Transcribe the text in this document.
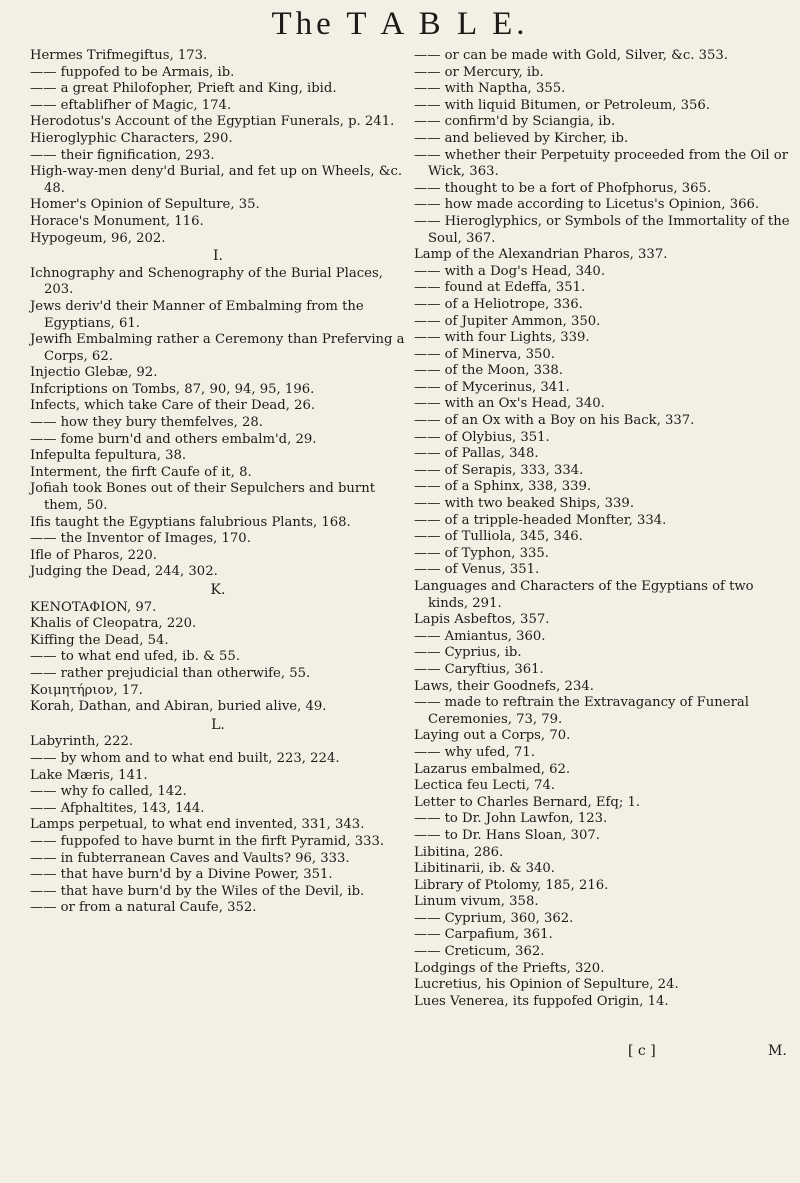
The T A B L E.
Hermes Trifmegiftus, 173.
—— fuppofed to be Armais, ib.
—— a great Philofopher, Prieft and King, ibid.
—— eftablifher of Magic, 174.
Herodotus's Account of the Egyptian Funerals, p. 241.
Hieroglyphic Characters, 290.
—— their fignification, 293.
High-way-men deny'd Burial, and fet up on Wheels, &c. 48.
Homer's Opinion of Sepulture, 35.
Horace's Monument, 116.
Hypogeum, 96, 202.
I.
Ichnography and Schenography of the Burial Places, 203.
Jews deriv'd their Manner of Embalming from the Egyptians, 61.
Jewifh Embalming rather a Ceremony than Preferving a Corps, 62.
Injectio Glebæ, 92.
Infcriptions on Tombs, 87, 90, 94, 95, 196.
Infects, which take Care of their Dead, 26.
—— how they bury themfelves, 28.
—— fome burn'd and others embalm'd, 29.
Infepulta fepultura, 38.
Interment, the firft Caufe of it, 8.
Jofiah took Bones out of their Sepulchers and burnt them, 50.
Ifis taught the Egyptians falubrious Plants, 168.
—— the Inventor of Images, 170.
Ifle of Pharos, 220.
Judging the Dead, 244, 302.
K.
KENOTAΦION, 97.
Khalis of Cleopatra, 220.
Kiffing the Dead, 54.
—— to what end ufed, ib. & 55.
—— rather prejudicial than otherwife, 55.
Κοιμητήριον, 17.
Korah, Dathan, and Abiran, buried alive, 49.
L.
Labyrinth, 222.
—— by whom and to what end built, 223, 224.
Lake Mæris, 141.
—— why fo called, 142.
—— Afphaltites, 143, 144.
Lamps perpetual, to what end invented, 331, 343.
—— fuppofed to have burnt in the firft Pyramid, 333.
—— in fubterranean Caves and Vaults? 96, 333.
—— that have burn'd by a Divine Power, 351.
—— that have burn'd by the Wiles of the Devil, ib.
—— or from a natural Caufe, 352.
—— or can be made with Gold, Silver, &c. 353.
—— or Mercury, ib.
—— with Naptha, 355.
—— with liquid Bitumen, or Petroleum, 356.
—— confirm'd by Sciangia, ib.
—— and believed by Kircher, ib.
—— whether their Perpetuity proceeded from the Oil or Wick, 363.
—— thought to be a fort of Phofphorus, 365.
—— how made according to Licetus's Opinion, 366.
—— Hieroglyphics, or Symbols of the Immortality of the Soul, 367.
Lamp of the Alexandrian Pharos, 337.
—— with a Dog's Head, 340.
—— found at Edeffa, 351.
—— of a Heliotrope, 336.
—— of Jupiter Ammon, 350.
—— with four Lights, 339.
—— of Minerva, 350.
—— of the Moon, 338.
—— of Mycerinus, 341.
—— with an Ox's Head, 340.
—— of an Ox with a Boy on his Back, 337.
—— of Olybius, 351.
—— of Pallas, 348.
—— of Serapis, 333, 334.
—— of a Sphinx, 338, 339.
—— with two beaked Ships, 339.
—— of a tripple-headed Monfter, 334.
—— of Tulliola, 345, 346.
—— of Typhon, 335.
—— of Venus, 351.
Languages and Characters of the Egyptians of two kinds, 291.
Lapis Asbeftos, 357.
—— Amiantus, 360.
—— Cyprius, ib.
—— Caryftius, 361.
Laws, their Goodnefs, 234.
—— made to reftrain the Extravagancy of Funeral Ceremonies, 73, 79.
Laying out a Corps, 70.
—— why ufed, 71.
Lazarus embalmed, 62.
Lectica feu Lecti, 74.
Letter to Charles Bernard, Efq; 1.
—— to Dr. John Lawfon, 123.
—— to Dr. Hans Sloan, 307.
Libitina, 286.
Libitinarii, ib. & 340.
Library of Ptolomy, 185, 216.
Linum vivum, 358.
—— Cyprium, 360, 362.
—— Carpafium, 361.
—— Creticum, 362.
Lodgings of the Priefts, 320.
Lucretius, his Opinion of Sepulture, 24.
Lues Venerea, its fuppofed Origin, 14.
[ c ]	M.
